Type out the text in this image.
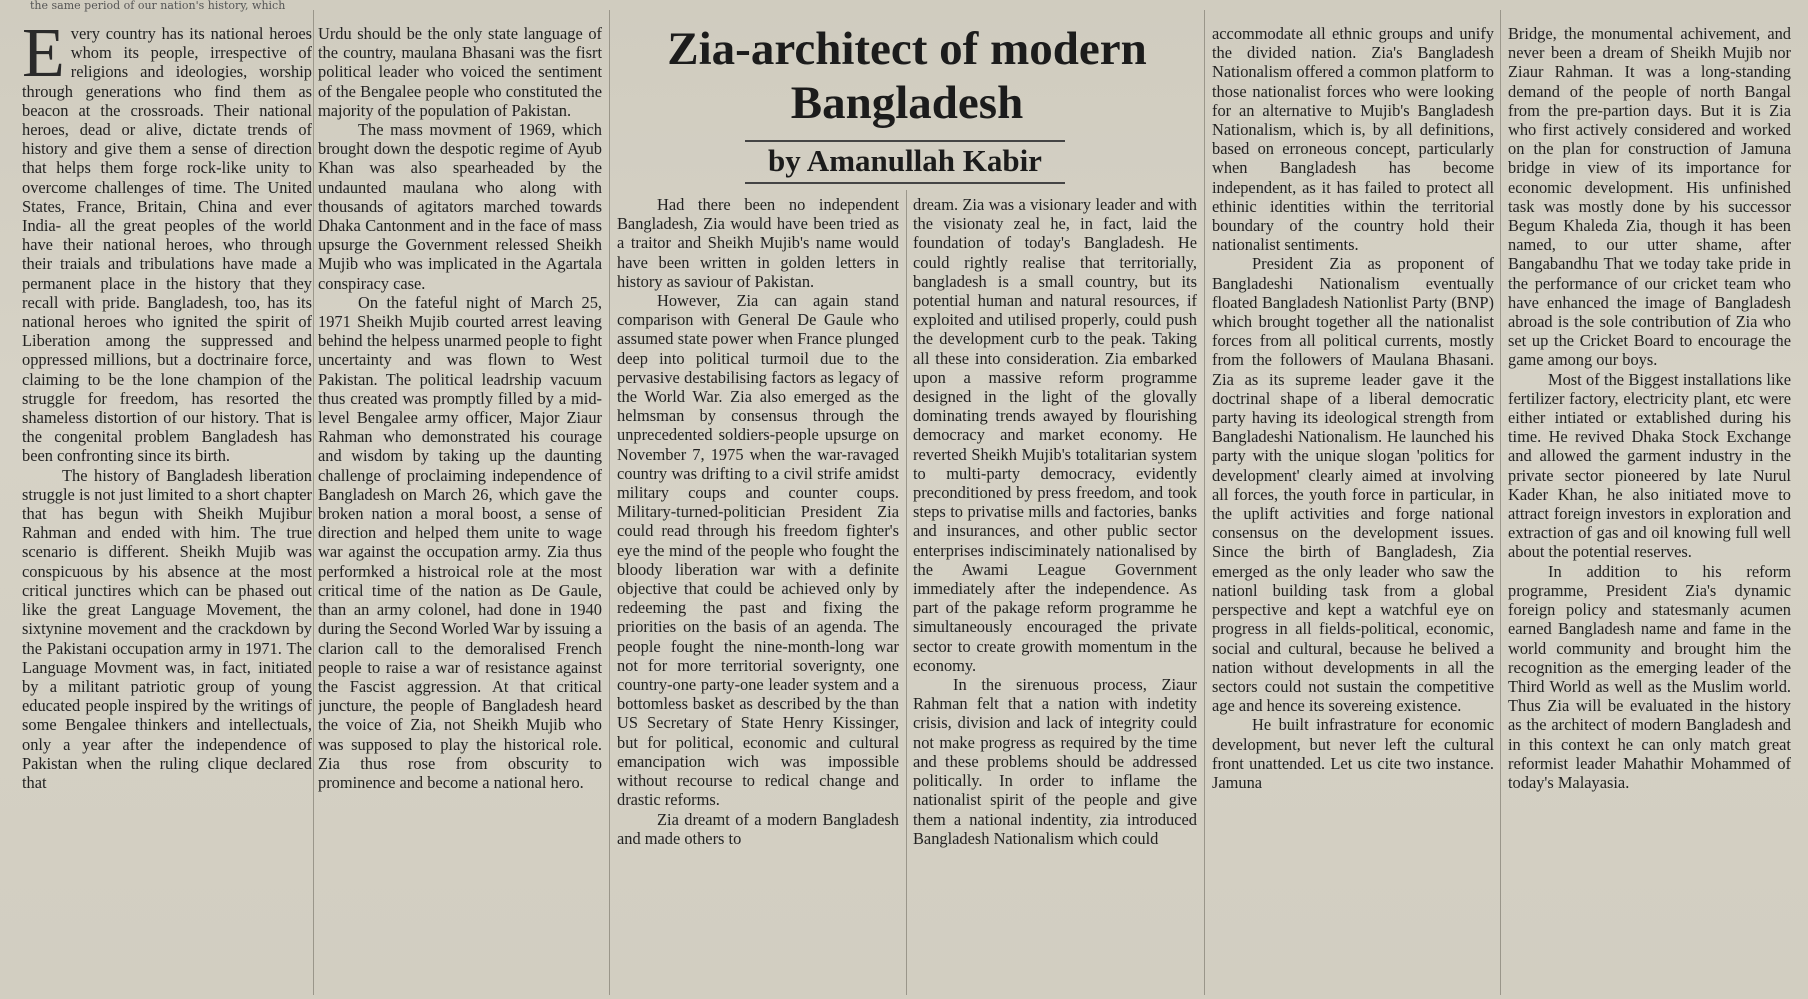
the same period of our nation's history, which
Zia-architect of modern Bangladesh
by Amanullah Kabir

Every country has its national heroes whom its people, irrespective of religions and ideologies, worship through generations who find them as beacon at the crossroads. Their national heroes, dead or alive, dictate trends of history and give them a sense of direction that helps them forge rock-like unity to overcome challenges of time. The United States, France, Britain, China and ever India- all the great peoples of the world have their national heroes, who through their traials and tribulations have made a permanent place in the history that they recall with pride. Bangladesh, too, has its national heroes who ignited the spirit of Liberation among the suppressed and oppressed millions, but a doctrinaire force, claiming to be the lone champion of the struggle for freedom, has resorted the shameless distortion of our history. That is the congenital problem Bangladesh has been confronting since its birth.

The history of Bangladesh liberation struggle is not just limited to a short chapter that has begun with Sheikh Mujibur Rahman and ended with him. The true scenario is different. Sheikh Mujib was conspicuous by his absence at the most critical junctires which can be phased out like the great Language Movement, the sixtynine movement and the crackdown by the Pakistani occupation army in 1971. The Language Movment was, in fact, initiated by a militant patriotic group of young educated people inspired by the writings of some Bengalee thinkers and intellectuals, only a year after the independence of Pakistan when the ruling clique declared that

Urdu should be the only state language of the country, maulana Bhasani was the fisrt political leader who voiced the sentiment of the Bengalee people who constituted the majority of the population of Pakistan.

The mass movment of 1969, which brought down the despotic regime of Ayub Khan was also spearheaded by the undaunted maulana who along with thousands of agitators marched towards Dhaka Cantonment and in the face of mass upsurge the Government relessed Sheikh Mujib who was implicated in the Agartala conspiracy case.

On the fateful night of March 25, 1971 Sheikh Mujib courted arrest leaving behind the helpess unarmed people to fight uncertainty and was flown to West Pakistan. The political leadrship vacuum thus created was promptly filled by a mid-level Bengalee army officer, Major Ziaur Rahman who demonstrated his courage and wisdom by taking up the daunting challenge of proclaiming independence of Bangladesh on March 26, which gave the broken nation a moral boost, a sense of direction and helped them unite to wage war against the occupation army. Zia thus performked a histroical role at the most critical time of the nation as De Gaule, than an army colonel, had done in 1940 during the Second Worled War by issuing a clarion call to the demoralised French people to raise a war of resistance against the Fascist aggression. At that critical juncture, the people of Bangladesh heard the voice of Zia, not Sheikh Mujib who was supposed to play the historical role. Zia thus rose from obscurity to prominence and become a national hero.

Had there been no independent Bangladesh, Zia would have been tried as a traitor and Sheikh Mujib's name would have been written in golden letters in history as saviour of Pakistan.

However, Zia can again stand comparison with General De Gaule who assumed state power when France plunged deep into political turmoil due to the pervasive destabilising factors as legacy of the World War. Zia also emerged as the helmsman by consensus through the unprecedented soldiers-people upsurge on November 7, 1975 when the war-ravaged country was drifting to a civil strife amidst military coups and counter coups. Military-turned-politician President Zia could read through his freedom fighter's eye the mind of the people who fought the bloody liberation war with a definite objective that could be achieved only by redeeming the past and fixing the priorities on the basis of an agenda. The people fought the nine-month-long war not for more territorial soverignty, one country-one party-one leader system and a bottomless basket as described by the than US Secretary of State Henry Kissinger, but for political, economic and cultural emancipation wich was impossible without recourse to redical change and drastic reforms.

Zia dreamt of a modern Bangladesh and made others to

dream. Zia was a visionary leader and with the visionaty zeal he, in fact, laid the foundation of today's Bangladesh. He could rightly realise that territorially, bangladesh is a small country, but its potential human and natural resources, if exploited and utilised properly, could push the development curb to the peak. Taking all these into consideration. Zia embarked upon a massive reform programme designed in the light of the glovally dominating trends awayed by flourishing democracy and market economy. He reverted Sheikh Mujib's totalitarian system to multi-party democracy, evidently preconditioned by press freedom, and took steps to privatise mills and factories, banks and insurances, and other public sector enterprises indisciminately nationalised by the Awami League Government immediately after the independence. As part of the pakage reform programme he simultaneously encouraged the private sector to create growith momentum in the economy.

In the sirenuous process, Ziaur Rahman felt that a nation with indetity crisis, division and lack of integrity could not make progress as required by the time and these problems should be addressed politically. In order to inflame the nationalist spirit of the people and give them a national indentity, zia introduced Bangladesh Nationalism which could

accommodate all ethnic groups and unify the divided nation. Zia's Bangladesh Nationalism offered a common platform to those nationalist forces who were looking for an alternative to Mujib's Bangladesh Nationalism, which is, by all definitions, based on erroneous concept, particularly when Bangladesh has become independent, as it has failed to protect all ethinic identities within the territorial boundary of the country hold their nationalist sentiments.

President Zia as proponent of Bangladeshi Nationalism eventually floated Bangladesh Nationlist Party (BNP) which brought together all the nationalist forces from all political currents, mostly from the followers of Maulana Bhasani. Zia as its supreme leader gave it the doctrinal shape of a liberal democratic party having its ideological strength from Bangladeshi Nationalism. He launched his party with the unique slogan 'politics for development' clearly aimed at involving all forces, the youth force in particular, in the uplift activities and forge national consensus on the development issues. Since the birth of Bangladesh, Zia emerged as the only leader who saw the nationl building task from a global perspective and kept a watchful eye on progress in all fields-political, economic, social and cultural, because he belived a nation without developments in all the sectors could not sustain the competitive age and hence its sovereing existence.

He built infrastrature for economic development, but never left the cultural front unattended. Let us cite two instance. Jamuna

Bridge, the monumental achivement, and never been a dream of Sheikh Mujib nor Ziaur Rahman. It was a long-standing demand of the people of north Bangal from the pre-partion days. But it is Zia who first actively considered and worked on the plan for construction of Jamuna bridge in view of its importance for economic development. His unfinished task was mostly done by his successor Begum Khaleda Zia, though it has been named, to our utter shame, after Bangabandhu That we today take pride in the performance of our cricket team who have enhanced the image of Bangladesh abroad is the sole contribution of Zia who set up the Cricket Board to encourage the game among our boys.

Most of the Biggest installations like fertilizer factory, electricity plant, etc were either intiated or extablished during his time. He revived Dhaka Stock Exchange and allowed the garment industry in the private sector pioneered by late Nurul Kader Khan, he also initiated move to attract foreign investors in exploration and extraction of gas and oil knowing full well about the potential reserves.

In addition to his reform programme, President Zia's dynamic foreign policy and statesmanly acumen earned Bangladesh name and fame in the world community and brought him the recognition as the emerging leader of the Third World as well as the Muslim world. Thus Zia will be evaluated in the history as the architect of modern Bangladesh and in this context he can only match great reformist leader Mahathir Mohammed of today's Malayasia.
